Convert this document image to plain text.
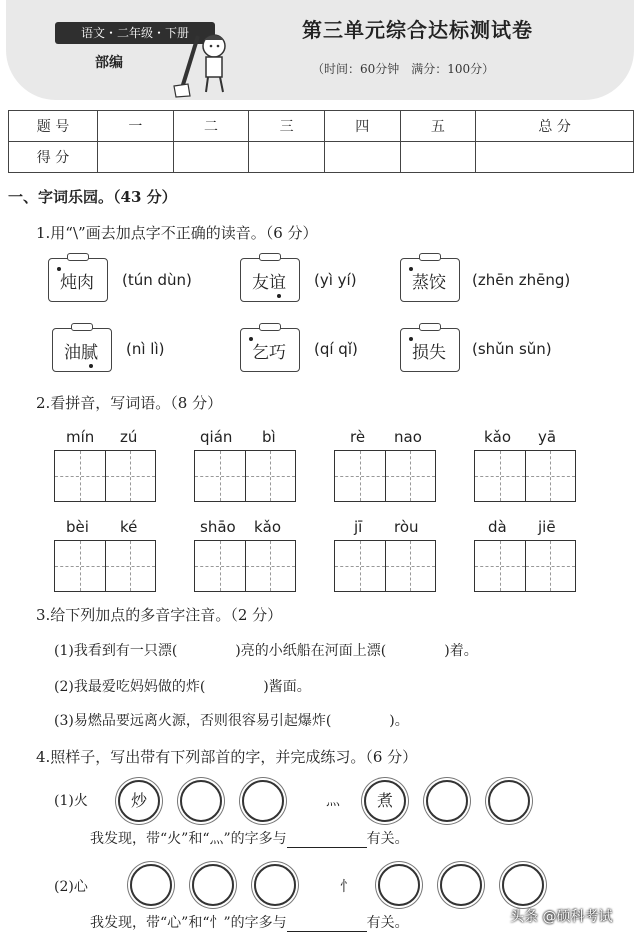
语文・二年级・下册
部编
第三单元综合达标测试卷
（时间：60分钟　满分：100分）
题 号	一	二	三	四	五	总 分
得 分						
一、字词乐园。（43 分）
1.用“\”画去加点字不正确的读音。（6 分）
炖肉	(tún dùn)	友谊	(yì yí)	蒸饺	(zhēn zhēng)
油腻	(nì lì)	乞巧	(qí qǐ)	损失	(shǔn sǔn)
2.看拼音，写词语。（8 分）
mín zú	qián bì	rè nao	kǎo yā
bèi ké	shāo kǎo	jī ròu	dà jiē
3.给下列加点的多音字注音。（2 分）
(1)我看到有一只漂(	)亮的小纸船在河面上漂(	)着。
(2)我最爱吃妈妈做的炸(	)酱面。
(3)易燃品要远离火源，否则很容易引起爆炸(	)。
4.照样子，写出带有下列部首的字，并完成练习。（6 分）
(1)火	炒	灬	煮
我发现，带“火”和“灬”的字多与	有关。
(2)心	忄
我发现，带“心”和“忄”的字多与	有关。	头条 @硕科考试
